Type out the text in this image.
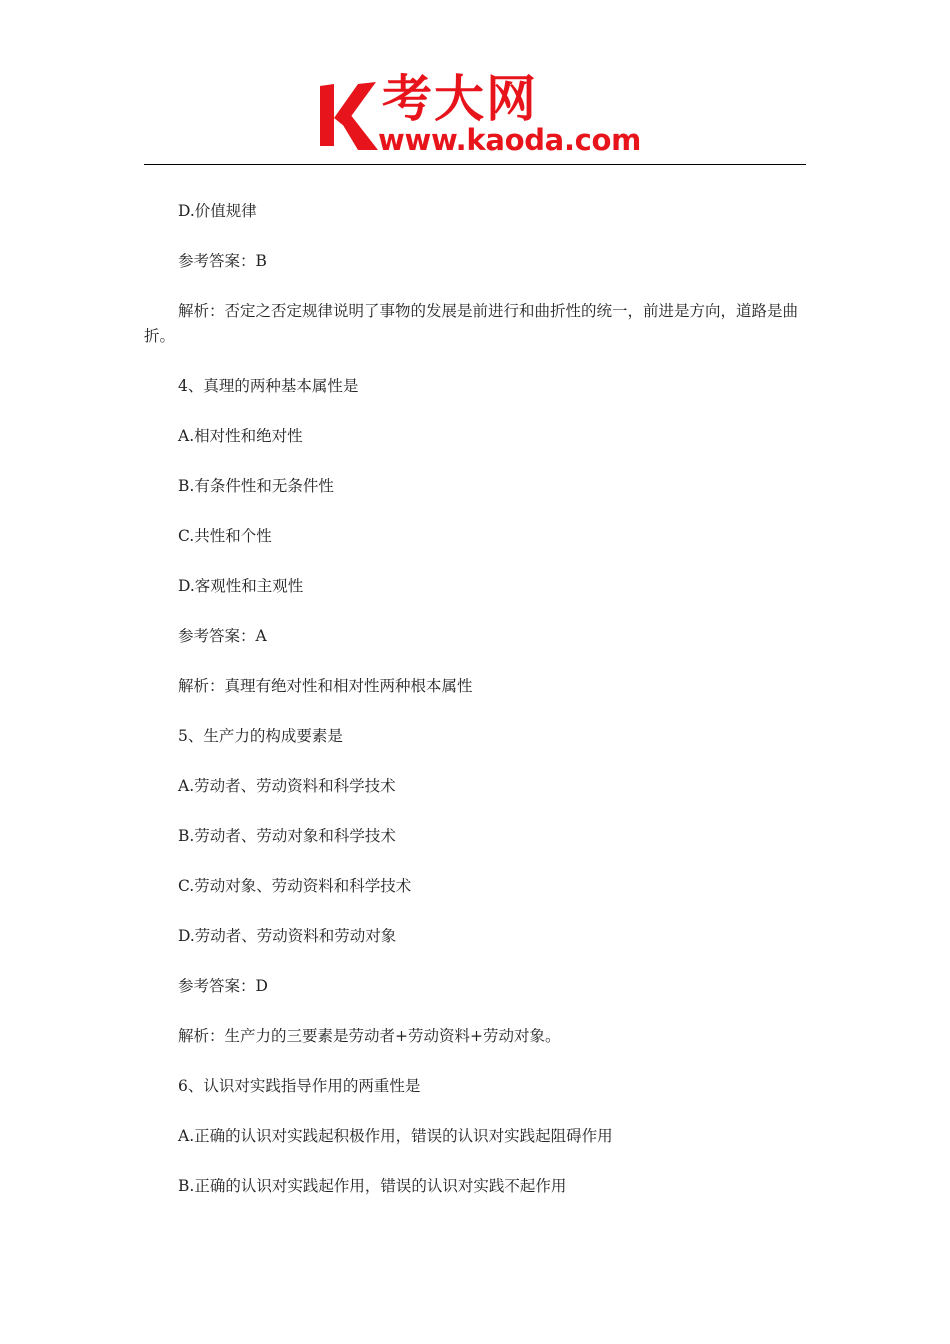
考大网
www.kaoda.com

D.价值规律

参考答案：B

解析：否定之否定规律说明了事物的发展是前进行和曲折性的统一，前进是方向，道路是曲折。

4、真理的两种基本属性是

A.相对性和绝对性

B.有条件性和无条件性

C.共性和个性

D.客观性和主观性

参考答案：A

解析：真理有绝对性和相对性两种根本属性

5、生产力的构成要素是

A.劳动者、劳动资料和科学技术

B.劳动者、劳动对象和科学技术

C.劳动对象、劳动资料和科学技术

D.劳动者、劳动资料和劳动对象

参考答案：D

解析：生产力的三要素是劳动者+劳动资料+劳动对象。

6、认识对实践指导作用的两重性是

A.正确的认识对实践起积极作用，错误的认识对实践起阻碍作用

B.正确的认识对实践起作用，错误的认识对实践不起作用
